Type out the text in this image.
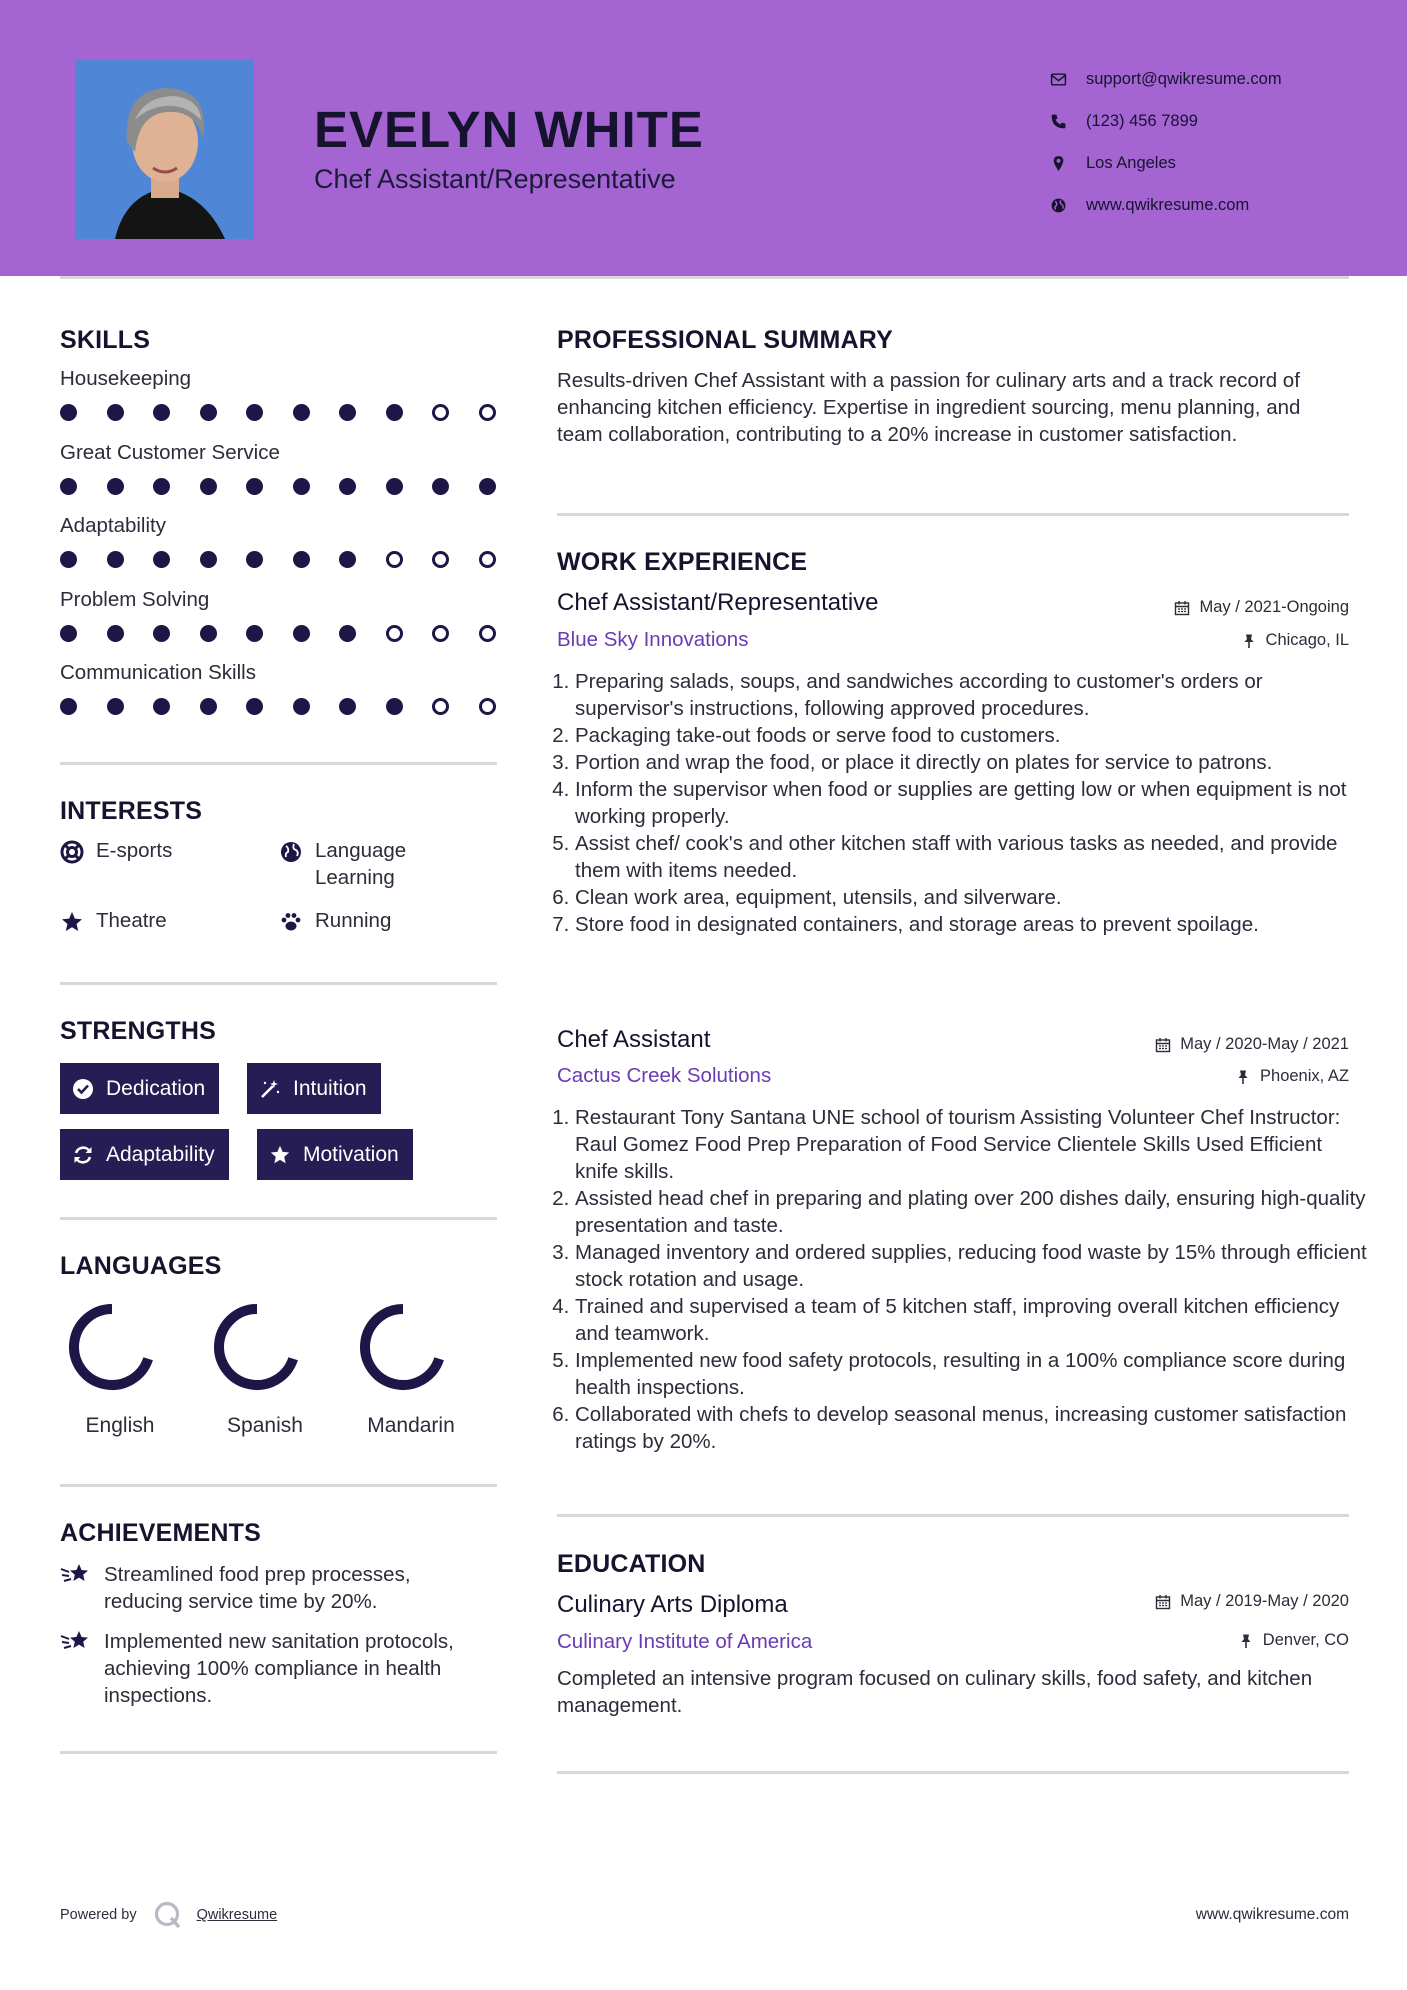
EVELYN WHITE
Chef Assistant/Representative
support@qwikresume.com
(123) 456 7899
Los Angeles
www.qwikresume.com
SKILLS
Housekeeping
Great Customer Service
Adaptability
Problem Solving
Communication Skills
INTERESTS
E-sports	Language Learning
Theatre	Running
STRENGTHS
Dedication	Intuition
Adaptability	Motivation
LANGUAGES
English	Spanish	Mandarin
ACHIEVEMENTS
Streamlined food prep processes, reducing service time by 20%.
Implemented new sanitation protocols, achieving 100% compliance in health inspections.
PROFESSIONAL SUMMARY
Results-driven Chef Assistant with a passion for culinary arts and a track record of enhancing kitchen efficiency. Expertise in ingredient sourcing, menu planning, and team collaboration, contributing to a 20% increase in customer satisfaction.
WORK EXPERIENCE
Chef Assistant/Representative	May / 2021-Ongoing
Blue Sky Innovations	Chicago, IL
1. Preparing salads, soups, and sandwiches according to customer's orders or supervisor's instructions, following approved procedures.
2. Packaging take-out foods or serve food to customers.
3. Portion and wrap the food, or place it directly on plates for service to patrons.
4. Inform the supervisor when food or supplies are getting low or when equipment is not working properly.
5. Assist chef/ cook's and other kitchen staff with various tasks as needed, and provide them with items needed.
6. Clean work area, equipment, utensils, and silverware.
7. Store food in designated containers, and storage areas to prevent spoilage.
Chef Assistant	May / 2020-May / 2021
Cactus Creek Solutions	Phoenix, AZ
1. Restaurant Tony Santana UNE school of tourism Assisting Volunteer Chef Instructor: Raul Gomez Food Prep Preparation of Food Service Clientele Skills Used Efficient knife skills.
2. Assisted head chef in preparing and plating over 200 dishes daily, ensuring high-quality presentation and taste.
3. Managed inventory and ordered supplies, reducing food waste by 15% through efficient stock rotation and usage.
4. Trained and supervised a team of 5 kitchen staff, improving overall kitchen efficiency and teamwork.
5. Implemented new food safety protocols, resulting in a 100% compliance score during health inspections.
6. Collaborated with chefs to develop seasonal menus, increasing customer satisfaction ratings by 20%.
EDUCATION
Culinary Arts Diploma	May / 2019-May / 2020
Culinary Institute of America	Denver, CO
Completed an intensive program focused on culinary skills, food safety, and kitchen management.
Powered by	Qwikresume	www.qwikresume.com
